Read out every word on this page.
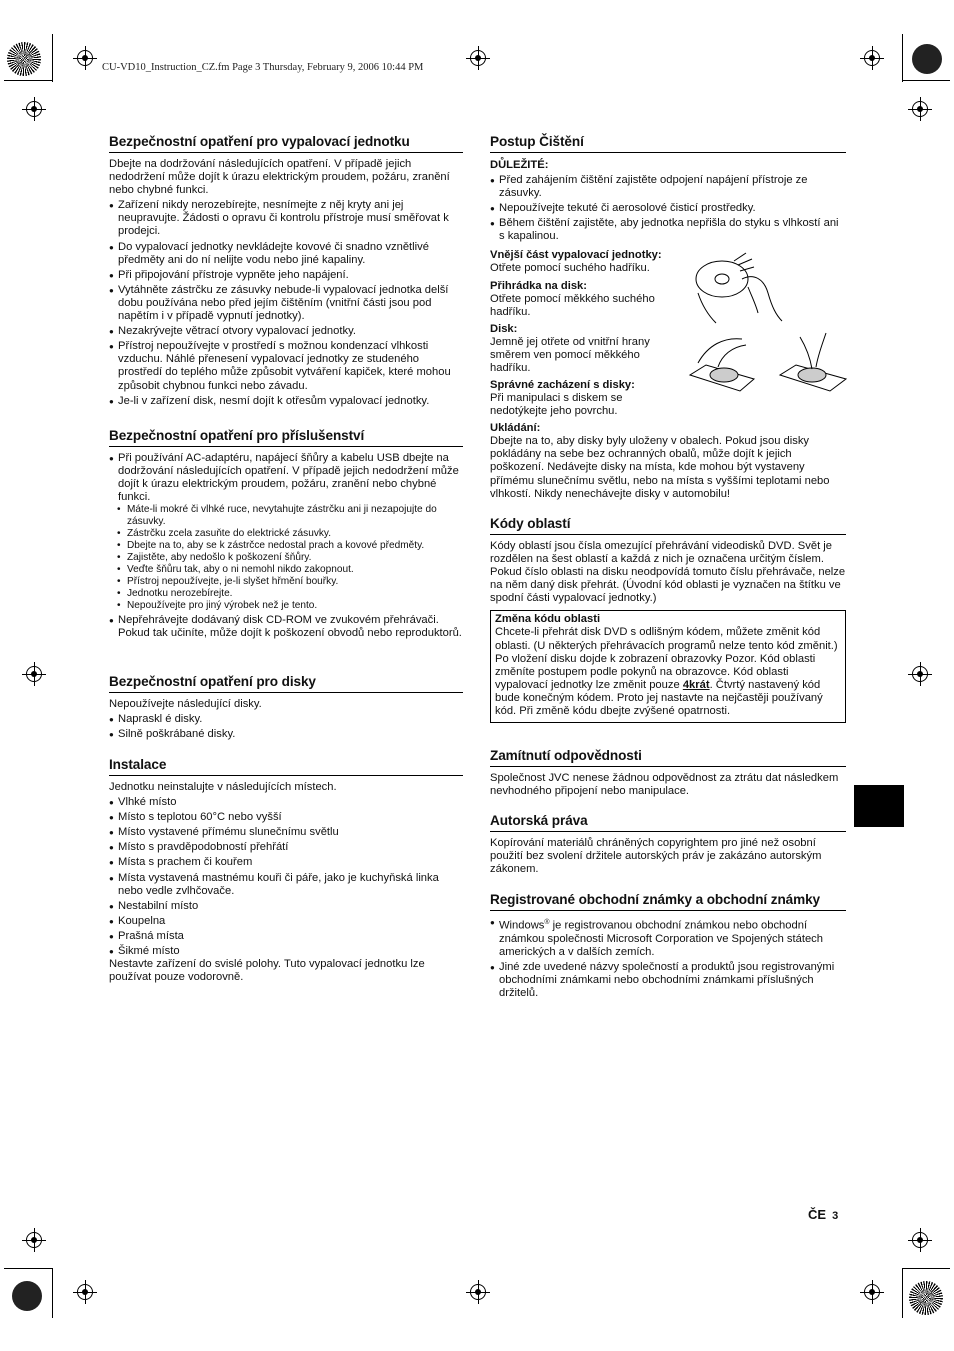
CU-VD10_Instruction_CZ.fm Page 3 Thursday, February 9, 2006 10:44 PM
Bezpečnostní opatření pro vypalovací jednotku
Dbejte na dodržování následujících opatření. V případě jejich nedodržení může dojít k úrazu elektrickým proudem, požáru, zranění nebo chybné funkci.
● Zařízení nikdy nerozebírejte, nesnímejte z něj kryty ani jej neupravujte. Žádosti o opravu či kontrolu přístroje musí směřovat k prodejci.
● Do vypalovací jednotky nevkládejte kovové či snadno vznětlivé předměty ani do ní nelijte vodu nebo jiné kapaliny.
● Při připojování přístroje vypněte jeho napájení.
● Vytáhněte zástrčku ze zásuvky nebude-li vypalovací jednotka delší dobu používána nebo před jejím čištěním (vnitřní části jsou pod napětím i v případě vypnutí jednotky).
● Nezakrývejte větrací otvory vypalovací jednotky.
● Přístroj nepoužívejte v prostředí s možnou kondenzací vlhkosti vzduchu. Náhlé přenesení vypalovací jednotky ze studeného prostředí do teplého může způsobit vytváření kapiček, které mohou způsobit chybnou funkci nebo závadu.
● Je-li v zařízení disk, nesmí dojít k otřesům vypalovací jednotky.
Bezpečnostní opatření pro příslušenství
● Při používání AC-adaptéru, napájecí šňůry a kabelu USB dbejte na dodržování následujících opatření. V případě jejich nedodržení může dojít k úrazu elektrickým proudem, požáru, zranění nebo chybné funkci.
• Máte-li mokré či vlhké ruce, nevytahujte zástrčku ani ji nezapojujte do zásuvky.
• Zástrčku zcela zasuňte do elektrické zásuvky.
• Dbejte na to, aby se k zástrčce nedostal prach a kovové předměty.
• Zajistěte, aby nedošlo k poškození šňůry.
• Veďte šňůru tak, aby o ni nemohl nikdo zakopnout.
• Přístroj nepoužívejte, je-li slyšet hřmění bouřky.
• Jednotku nerozebírejte.
• Nepoužívejte pro jiný výrobek než je tento.
● Nepřehrávejte dodávaný disk CD-ROM ve zvukovém přehrávači. Pokud tak učiníte, může dojít k poškození obvodů nebo reproduktorů.
Bezpečnostní opatření pro disky
Nepoužívejte následující disky.
● Napraskl é disky.
● Silně poškrábané disky.
Instalace
Jednotku neinstalujte v následujících místech.
● Vlhké místo
● Místo s teplotou 60°C nebo vyšší
● Místo vystavené přímému slunečnímu světlu
● Místo s pravděpodobností přehřátí
● Místa s prachem či kouřem
● Místa vystavená mastnému kouři či páře, jako je kuchyňská linka nebo vedle zvlhčovače.
● Nestabilní místo
● Koupelna
● Prašná místa
● Šikmé místo
Nestavte zařízení do svislé polohy. Tuto vypalovací jednotku lze používat pouze vodorovně.
Postup Čištění
DŮLEŽITÉ:
● Před zahájením čištění zajistěte odpojení napájení přístroje ze zásuvky.
● Nepoužívejte tekuté či aerosolové čisticí prostředky.
● Během čištění zajistěte, aby jednotka nepřišla do styku s vlhkostí ani s kapalinou.
Vnější část vypalovací jednotky:
Otřete pomocí suchého hadříku.
Přihrádka na disk:
Otřete pomocí měkkého suchého hadříku.
Disk:
Jemně jej otřete od vnitřní hrany směrem ven pomocí měkkého hadříku.
Správné zacházení s disky:
Při manipulaci s diskem se nedotýkejte jeho povrchu.
Ukládání:
Dbejte na to, aby disky byly uloženy v obalech. Pokud jsou disky pokládány na sebe bez ochranných obalů, může dojít k jejich poškození. Nedávejte disky na místa, kde mohou být vystaveny přímému slunečnímu světlu, nebo na místa s vyššími teplotami nebo vlhkostí. Nikdy nenechávejte disky v automobilu!
Kódy oblastí
Kódy oblastí jsou čísla omezující přehrávání videodisků DVD. Svět je rozdělen na šest oblastí a každá z nich je označena určitým číslem. Pokud číslo oblasti na disku neodpovídá tomuto číslu přehrávače, nelze na něm daný disk přehrát. (Úvodní kód oblasti je vyznačen na štítku ve spodní části vypalovací jednotky.)
Změna kódu oblasti
Chcete-li přehrát disk DVD s odlišným kódem, můžete změnit kód oblasti. (U některých přehrávacích programů nelze tento kód změnit.) Po vložení disku dojde k zobrazení obrazovky Pozor. Kód oblasti změníte postupem podle pokynů na obrazovce. Kód oblasti vypalovací jednotky lze změnit pouze 4krát. Čtvrtý nastavený kód bude konečným kódem. Proto jej nastavte na nejčastěji používaný kód. Při změně kódu dbejte zvýšené opatrnosti.
Zamítnutí odpovědnosti
Společnost JVC nenese žádnou odpovědnost za ztrátu dat následkem nevhodného připojení nebo manipulace.
Autorská práva
Kopírování materiálů chráněných copyrightem pro jiné než osobní použití bez svolení držitele autorských práv je zakázáno autorským zákonem.
Registrované obchodní známky a obchodní známky
● Windows® je registrovanou obchodní známkou nebo obchodní známkou společnosti Microsoft Corporation ve Spojených státech amerických a v dalších zemích.
● Jiné zde uvedené názvy společností a produktů jsou registrovanými obchodními známkami nebo obchodními známkami příslušných držitelů.
ČE 3
